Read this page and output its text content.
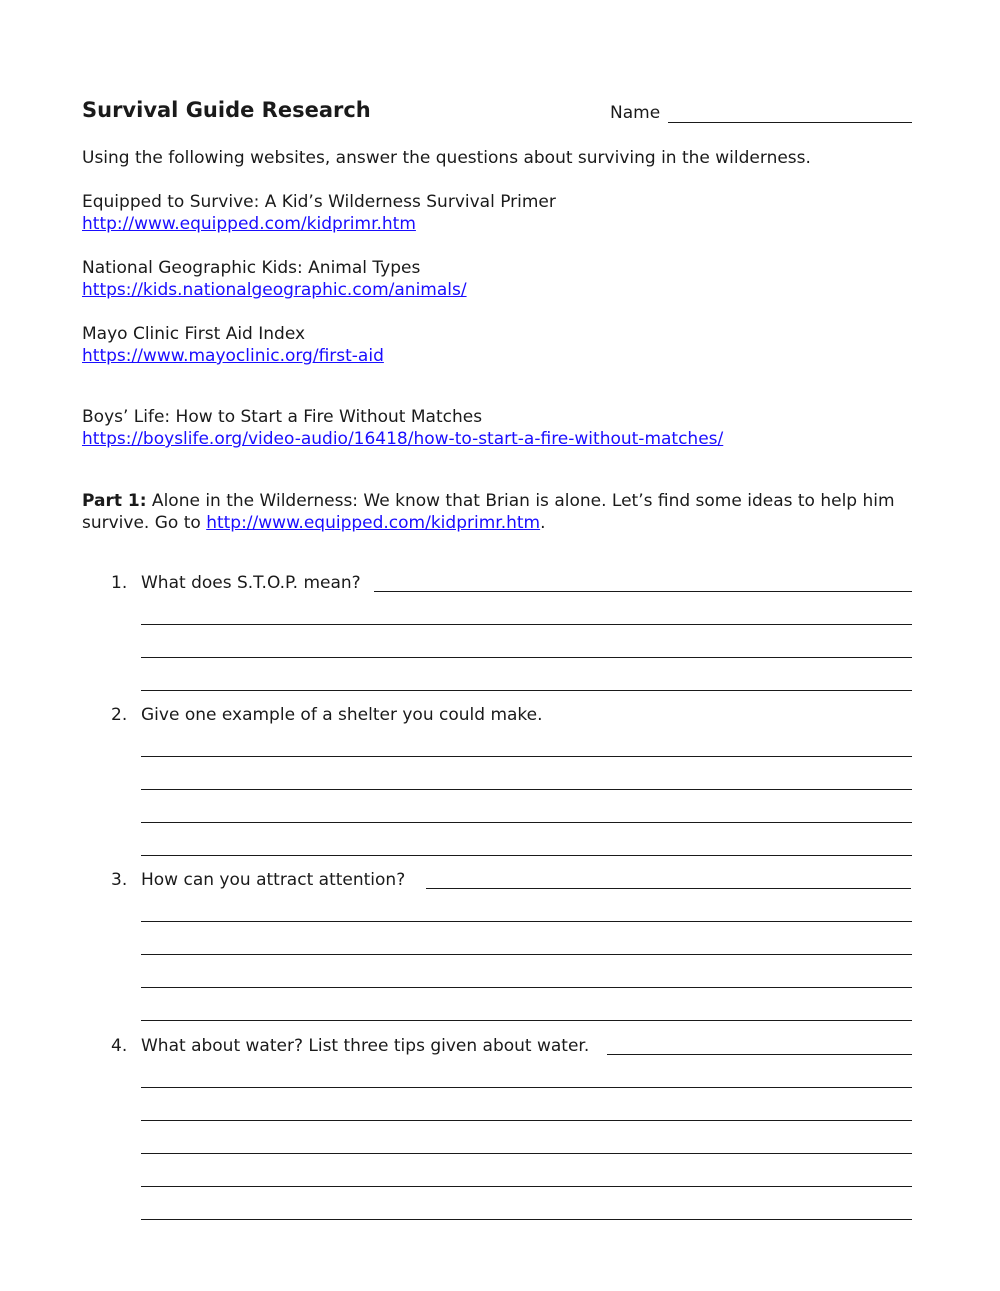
Survival Guide Research	Name
Using the following websites, answer the questions about surviving in the wilderness.
Equipped to Survive: A Kid’s Wilderness Survival Primer
http://www.equipped.com/kidprimr.htm
National Geographic Kids: Animal Types
https://kids.nationalgeographic.com/animals/
Mayo Clinic First Aid Index
https://www.mayoclinic.org/first-aid
Boys’ Life: How to Start a Fire Without Matches
https://boyslife.org/video-audio/16418/how-to-start-a-fire-without-matches/
Part 1: Alone in the Wilderness: We know that Brian is alone. Let’s find some ideas to help him survive. Go to http://www.equipped.com/kidprimr.htm.
1. What does S.T.O.P. mean?
2. Give one example of a shelter you could make.
3. How can you attract attention?
4. What about water? List three tips given about water.
